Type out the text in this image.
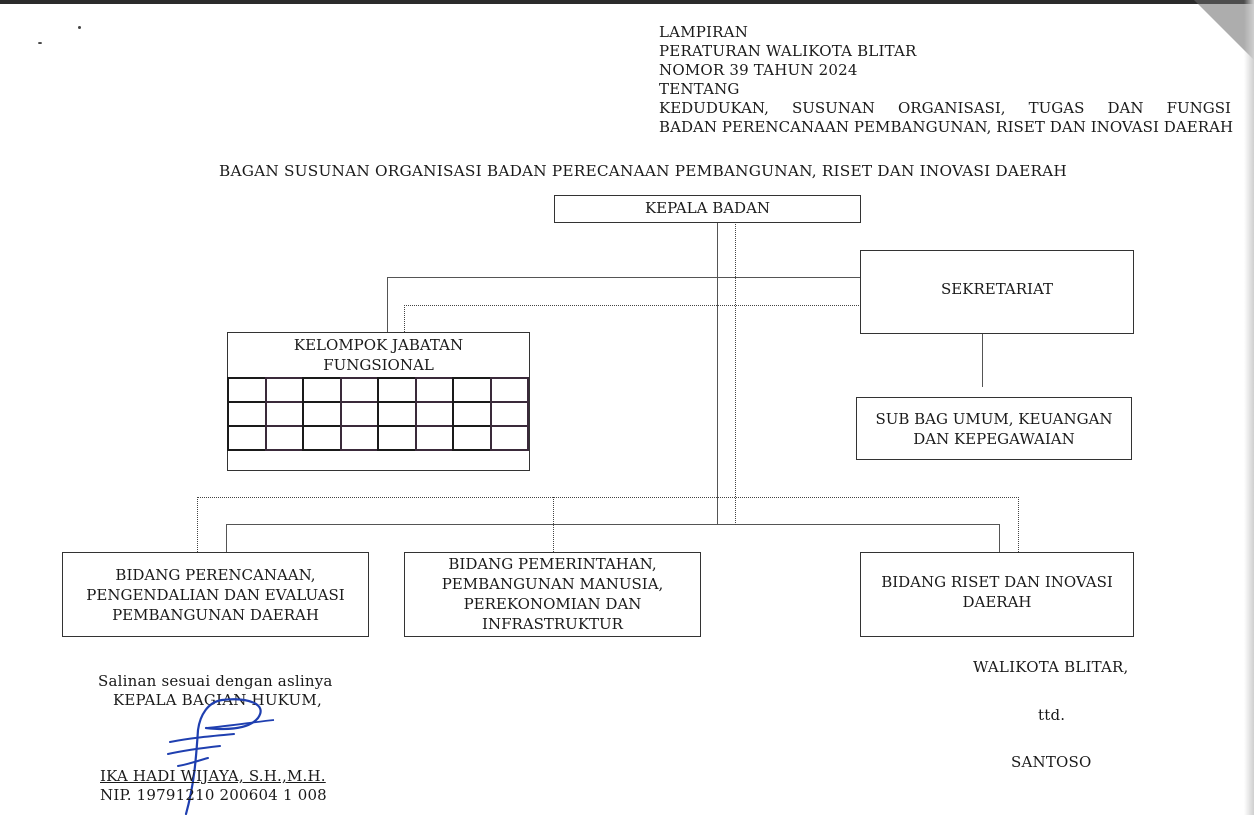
LAMPIRAN
PERATURAN WALIKOTA BLITAR
NOMOR 39 TAHUN 2024
TENTANG
KEDUDUKAN, SUSUNAN ORGANISASI, TUGAS DAN FUNGSI
BADAN PERENCANAAN PEMBANGUNAN, RISET DAN INOVASI DAERAH
BAGAN SUSUNAN ORGANISASI BADAN PERECANAAN PEMBANGUNAN, RISET DAN INOVASI DAERAH
KEPALA BADAN
SEKRETARIAT
KELOMPOK JABATAN
FUNGSIONAL
SUB BAG UMUM, KEUANGAN
DAN KEPEGAWAIAN
BIDANG PERENCANAAN,
PENGENDALIAN DAN EVALUASI
PEMBANGUNAN DAERAH
BIDANG PEMERINTAHAN,
PEMBANGUNAN MANUSIA,
PEREKONOMIAN DAN
INFRASTRUKTUR
BIDANG RISET DAN INOVASI
DAERAH
Salinan sesuai dengan aslinya
KEPALA BAGIAN HUKUM,
IKA HADI WIJAYA, S.H.,M.H.
NIP. 19791210 200604 1 008
WALIKOTA BLITAR,
ttd.
SANTOSO
